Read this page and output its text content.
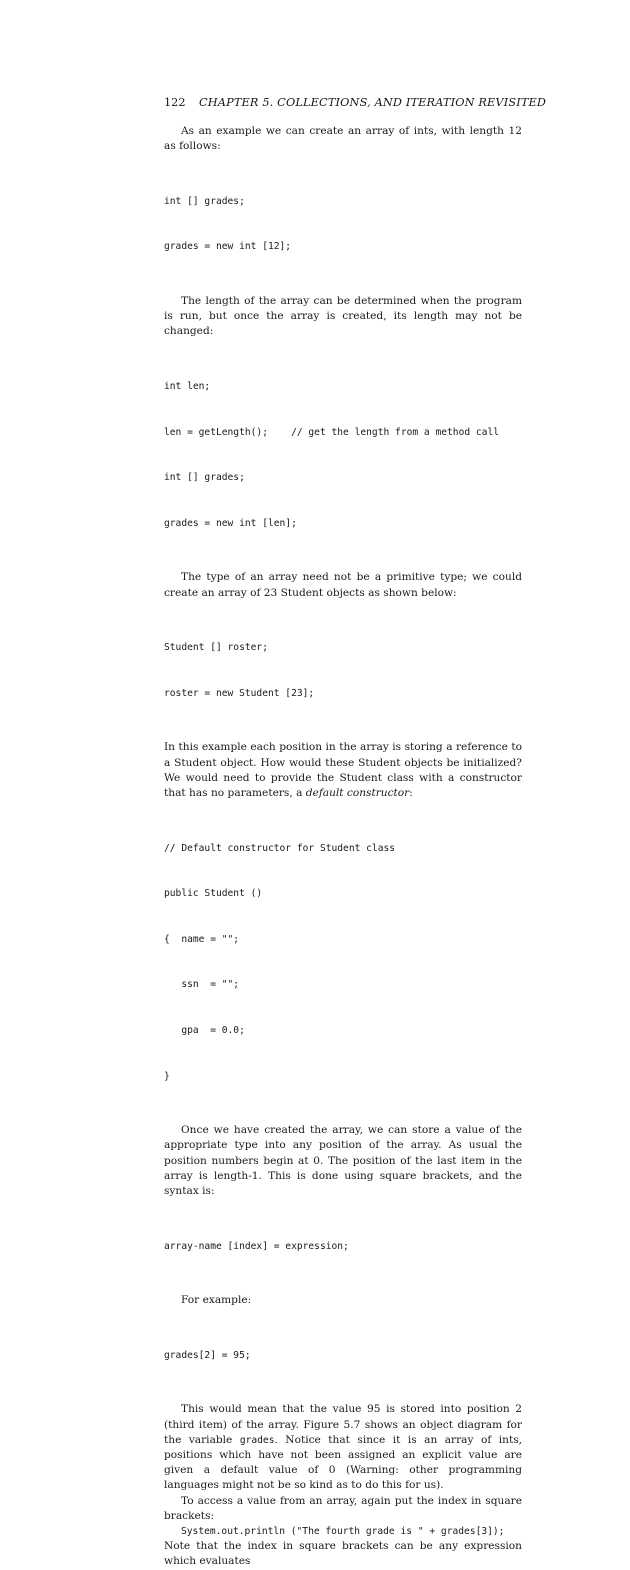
122 CHAPTER 5. COLLECTIONS, AND ITERATION REVISITED

As an example we can create an array of ints, with length 12 as follows:

int [] grades;

grades = new int [12];

The length of the array can be determined when the program is run, but once the array is created, its length may not be changed:

int len;

len = getLength();    // get the length from a method call

int [] grades;

grades = new int [len];

The type of an array need not be a primitive type; we could create an array of 23 Student objects as shown below:

Student [] roster;

roster = new Student [23];

In this example each position in the array is storing a reference to a Student object. How would these Student objects be initialized? We would need to provide the Student class with a constructor that has no parameters, a default constructor:

// Default constructor for Student class

public Student ()

{  name = "";

ssn  = "";

gpa  = 0.0;

}

Once we have created the array, we can store a value of the appropriate type into any position of the array. As usual the position numbers begin at 0. The position of the last item in the array is length-1. This is done using square brackets, and the syntax is:

array-name [index] = expression;

For example:

grades[2] = 95;

This would mean that the value 95 is stored into position 2 (third item) of the array. Figure 5.7 shows an object diagram for the variable grades. Notice that since it is an array of ints, positions which have not been assigned an explicit value are given a default value of 0 (Warning: other programming languages might not be so kind as to do this for us).

To access a value from an array, again put the index in square brackets:

System.out.println ("The fourth grade is " + grades[3]);

Note that the index in square brackets can be any expression which evaluates
